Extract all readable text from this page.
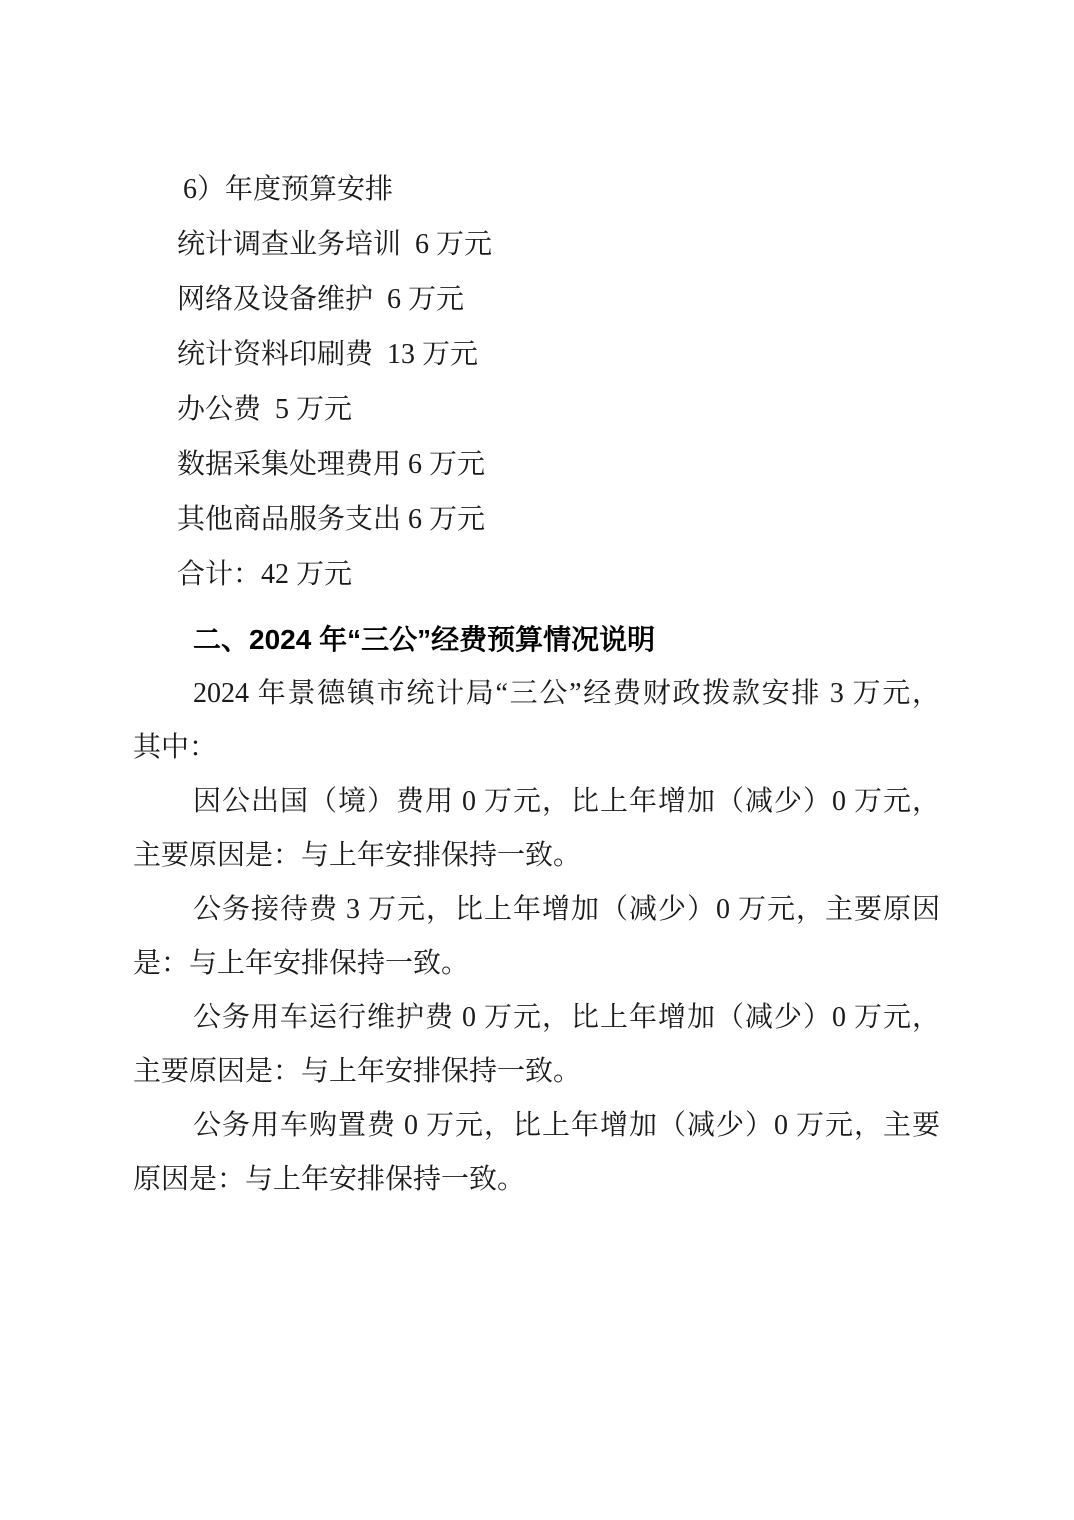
6）年度预算安排
统计调查业务培训  6 万元
网络及设备维护  6 万元
统计资料印刷费  13 万元
办公费  5 万元
数据采集处理费用 6 万元
其他商品服务支出 6 万元
合计：42 万元
二、2024 年“三公”经费预算情况说明
2024 年景德镇市统计局“三公”经费财政拨款安排 3 万元，
其中：
因公出国（境）费用 0 万元，比上年增加（减少）0 万元，
主要原因是：与上年安排保持一致。
公务接待费 3 万元，比上年增加（减少）0 万元，主要原因
是：与上年安排保持一致。
公务用车运行维护费 0 万元，比上年增加（减少）0 万元，
主要原因是：与上年安排保持一致。
公务用车购置费 0 万元，比上年增加（减少）0 万元，主要
原因是：与上年安排保持一致。
